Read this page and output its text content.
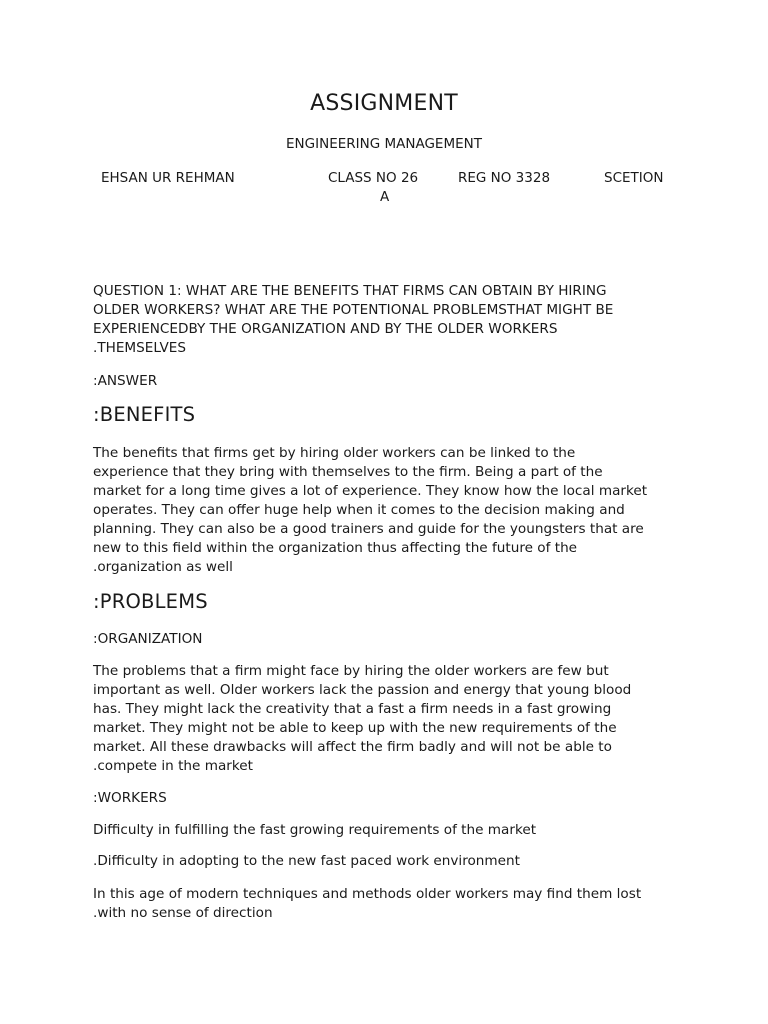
ASSIGNMENT
ENGINEERING MANAGEMENT
EHSAN UR REHMAN	CLASS NO 26
A
REG NO 3328	SCETION
QUESTION 1: WHAT ARE THE BENEFITS THAT FIRMS CAN OBTAIN BY HIRING
OLDER WORKERS? WHAT ARE THE POTENTIONAL PROBLEMSTHAT MIGHT BE
EXPERIENCEDBY THE ORGANIZATION AND BY THE OLDER WORKERS
.THEMSELVES
:ANSWER
:BENEFITS
The benefits that firms get by hiring older workers can be linked to the
experience that they bring with themselves to the firm. Being a part of the
market for a long time gives a lot of experience. They know how the local market
operates. They can offer huge help when it comes to the decision making and
planning. They can also be a good trainers and guide for the youngsters that are
new to this field within the organization thus affecting the future of the
.organization as well
:PROBLEMS
:ORGANIZATION
The problems that a firm might face by hiring the older workers are few but
important as well. Older workers lack the passion and energy that young blood
has. They might lack the creativity that a fast a firm needs in a fast growing
market. They might not be able to keep up with the new requirements of the
market. All these drawbacks will affect the firm badly and will not be able to
.compete in the market
:WORKERS
Difficulty in fulfilling the fast growing requirements of the market
.Difficulty in adopting to the new fast paced work environment
In this age of modern techniques and methods older workers may find them lost
.with no sense of direction
